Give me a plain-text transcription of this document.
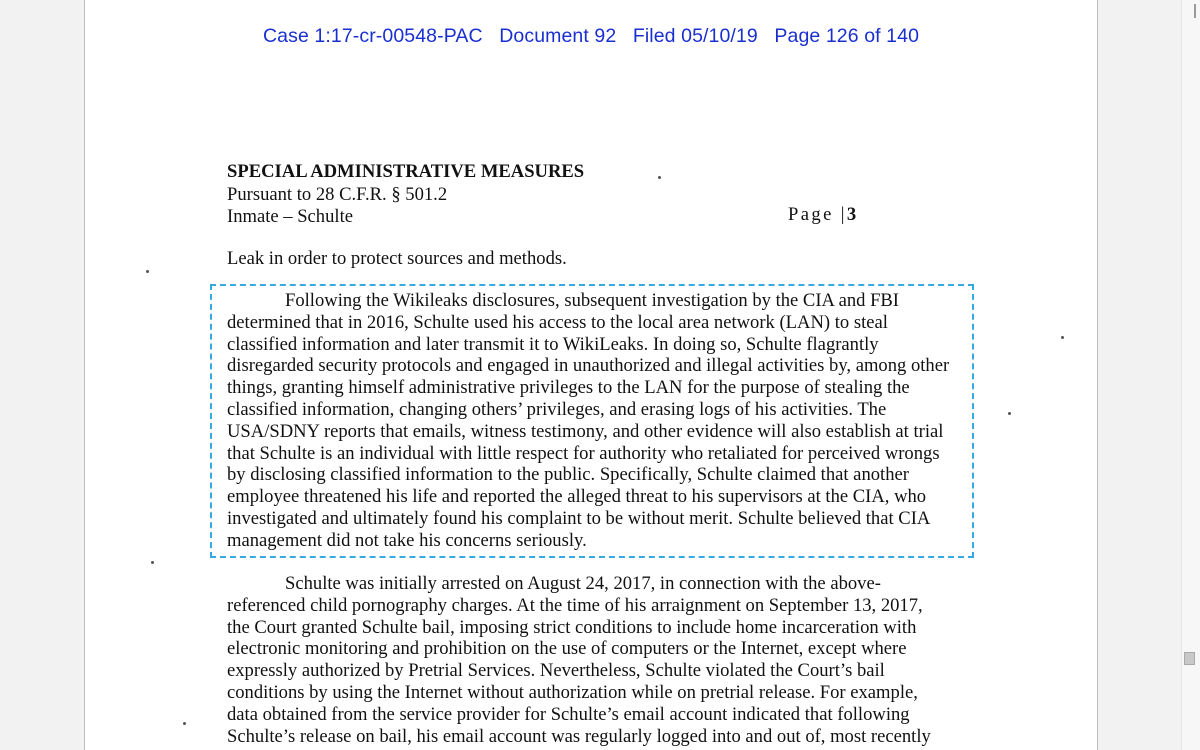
Case 1:17-cr-00548-PAC   Document 92   Filed 05/10/19   Page 126 of 140
SPECIAL ADMINISTRATIVE MEASURES
Pursuant to 28 C.F.R. § 501.2
Inmate – Schulte	Page |3
Leak in order to protect sources and methods.
Following the Wikileaks disclosures, subsequent investigation by the CIA and FBI
determined that in 2016, Schulte used his access to the local area network (LAN) to steal
classified information and later transmit it to WikiLeaks. In doing so, Schulte flagrantly
disregarded security protocols and engaged in unauthorized and illegal activities by, among other
things, granting himself administrative privileges to the LAN for the purpose of stealing the
classified information, changing others’ privileges, and erasing logs of his activities. The
USA/SDNY reports that emails, witness testimony, and other evidence will also establish at trial
that Schulte is an individual with little respect for authority who retaliated for perceived wrongs
by disclosing classified information to the public. Specifically, Schulte claimed that another
employee threatened his life and reported the alleged threat to his supervisors at the CIA, who
investigated and ultimately found his complaint to be without merit. Schulte believed that CIA
management did not take his concerns seriously.
Schulte was initially arrested on August 24, 2017, in connection with the above-
referenced child pornography charges. At the time of his arraignment on September 13, 2017,
the Court granted Schulte bail, imposing strict conditions to include home incarceration with
electronic monitoring and prohibition on the use of computers or the Internet, except where
expressly authorized by Pretrial Services. Nevertheless, Schulte violated the Court’s bail
conditions by using the Internet without authorization while on pretrial release. For example,
data obtained from the service provider for Schulte’s email account indicated that following
Schulte’s release on bail, his email account was regularly logged into and out of, most recently
